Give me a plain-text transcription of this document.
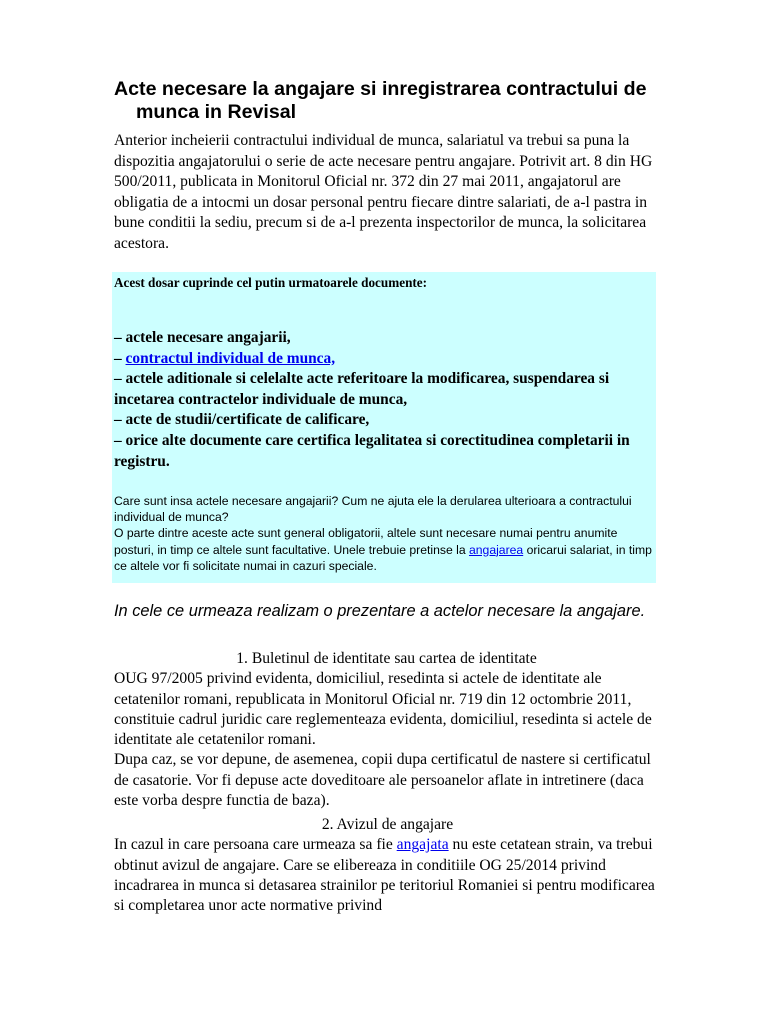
Acte necesare la angajare si inregistrarea contractului de munca in Revisal

Anterior incheierii contractului individual de munca, salariatul va trebui sa puna la dispozitia angajatorului o serie de acte necesare pentru angajare. Potrivit art. 8 din HG 500/2011, publicata in Monitorul Oficial nr. 372 din 27 mai 2011, angajatorul are obligatia de a intocmi un dosar personal pentru fiecare dintre salariati, de a-l pastra in bune conditii la sediu, precum si de a-l prezenta inspectorilor de munca, la solicitarea acestora.

Acest dosar cuprinde cel putin urmatoarele documente:
– actele necesare angajarii,
– contractul individual de munca,
– actele aditionale si celelalte acte referitoare la modificarea, suspendarea si incetarea contractelor individuale de munca,
– acte de studii/certificate de calificare,
– orice alte documente care certifica legalitatea si corectitudinea completarii in registru.
Care sunt insa actele necesare angajarii? Cum ne ajuta ele la derularea ulterioara a contractului individual de munca?
O parte dintre aceste acte sunt general obligatorii, altele sunt necesare numai pentru anumite posturi, in timp ce altele sunt facultative. Unele trebuie pretinse la angajarea oricarui salariat, in timp ce altele vor fi solicitate numai in cazuri speciale.
In cele ce urmeaza realizam o prezentare a actelor necesare la angajare.
1. Buletinul de identitate sau cartea de identitate
OUG 97/2005 privind evidenta, domiciliul, resedinta si actele de identitate ale cetatenilor romani, republicata in Monitorul Oficial nr. 719 din 12 octombrie 2011, constituie cadrul juridic care reglementeaza evidenta, domiciliul, resedinta si actele de identitate ale cetatenilor romani.
Dupa caz, se vor depune, de asemenea, copii dupa certificatul de nastere si certificatul de casatorie. Vor fi depuse acte doveditoare ale persoanelor aflate in intretinere (daca este vorba despre functia de baza).
2. Avizul de angajare
In cazul in care persoana care urmeaza sa fie angajata nu este cetatean strain, va trebui obtinut avizul de angajare. Care se elibereaza in conditiile OG 25/2014 privind incadrarea in munca si detasarea strainilor pe teritoriul Romaniei si pentru modificarea si completarea unor acte normative privind
